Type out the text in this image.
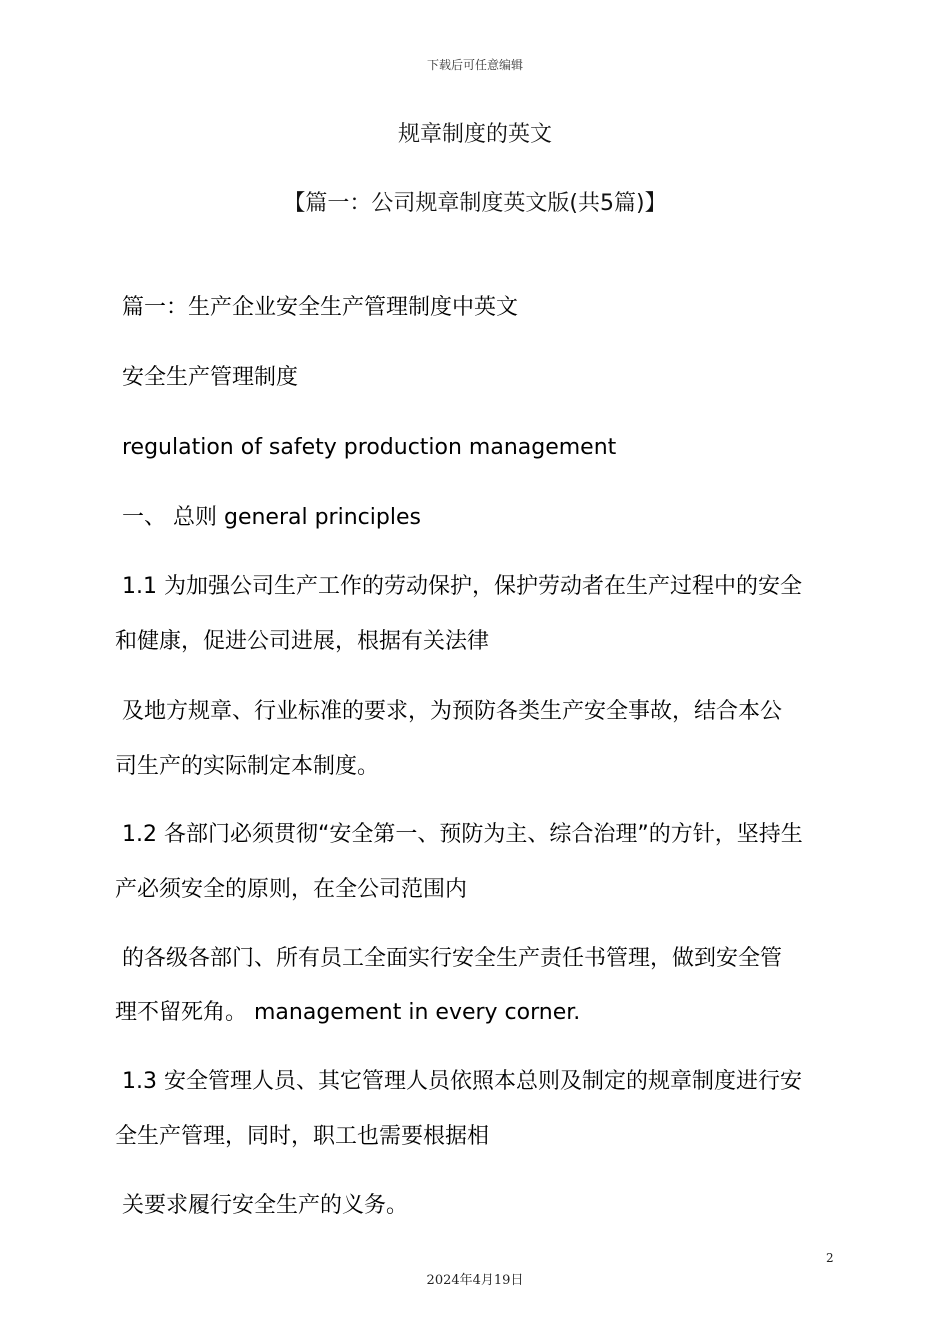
下载后可任意编辑
规章制度的英文
【篇一：公司规章制度英文版(共5篇)】
篇一：生产企业安全生产管理制度中英文
安全生产管理制度
regulation of safety production management
一、 总则 general principles
1.1 为加强公司生产工作的劳动保护，保护劳动者在生产过程中的安全
和健康，促进公司进展，根据有关法律
及地方规章、行业标准的要求，为预防各类生产安全事故，结合本公
司生产的实际制定本制度。
1.2 各部门必须贯彻“安全第一、预防为主、综合治理”的方针，坚持生
产必须安全的原则，在全公司范围内
的各级各部门、所有员工全面实行安全生产责任书管理，做到安全管
理不留死角。 management in every corner.
1.3 安全管理人员、其它管理人员依照本总则及制定的规章制度进行安
全生产管理，同时，职工也需要根据相
关要求履行安全生产的义务。
2
2024年4月19日
